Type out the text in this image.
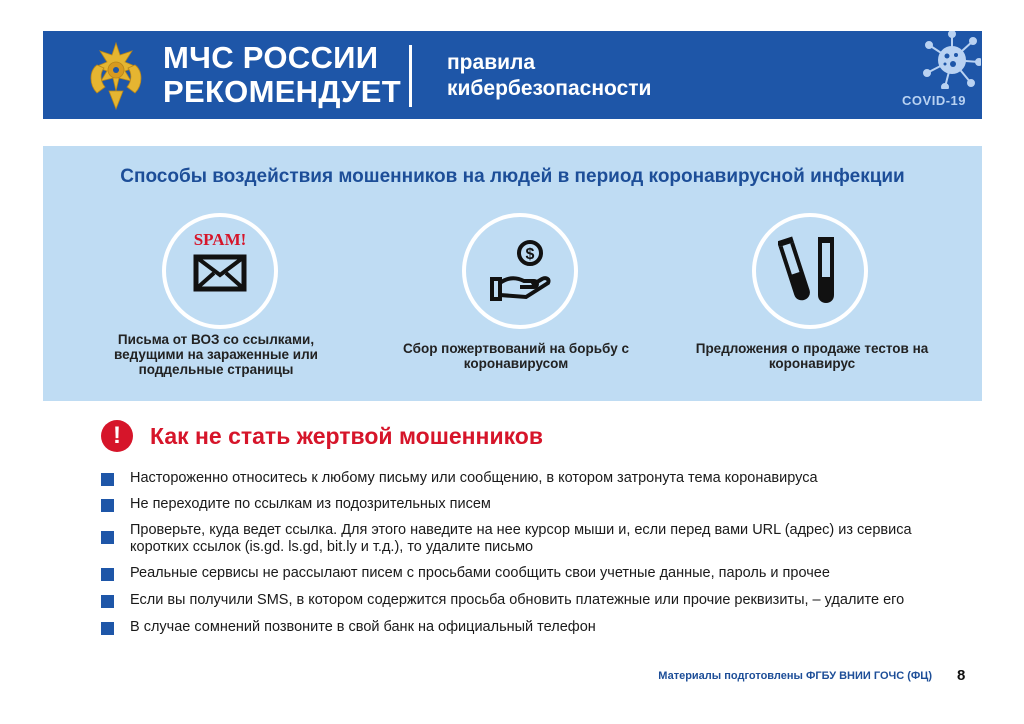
МЧС РОССИИ
РЕКОМЕНДУЕТ
правила
кибербезопасности
COVID-19
Способы воздействия мошенников на людей в период коронавирусной инфекции
SPAM!
Письма от ВОЗ со ссылками, ведущими на зараженные или поддельные страницы
$
Сбор пожертвований на борьбу с коронавирусом
Предложения о продаже тестов на коронавирус
!	Как не стать жертвой мошенников
Настороженно относитесь к любому письму или сообщению, в котором затронута тема коронавируса
Не переходите по ссылкам из подозрительных писем
Проверьте, куда ведет ссылка. Для этого наведите на нее курсор мыши и, если перед вами URL (адрес) из сервиса коротких ссылок (is.gd. ls.gd, bit.ly и т.д.), то удалите письмо
Реальные сервисы не рассылают писем с просьбами сообщить свои учетные данные, пароль и прочее
Если вы получили SMS, в котором содержится просьба обновить платежные или прочие реквизиты, – удалите его
В случае сомнений позвоните в свой банк на официальный телефон
Материалы подготовлены ФГБУ ВНИИ ГОЧС (ФЦ) 8
